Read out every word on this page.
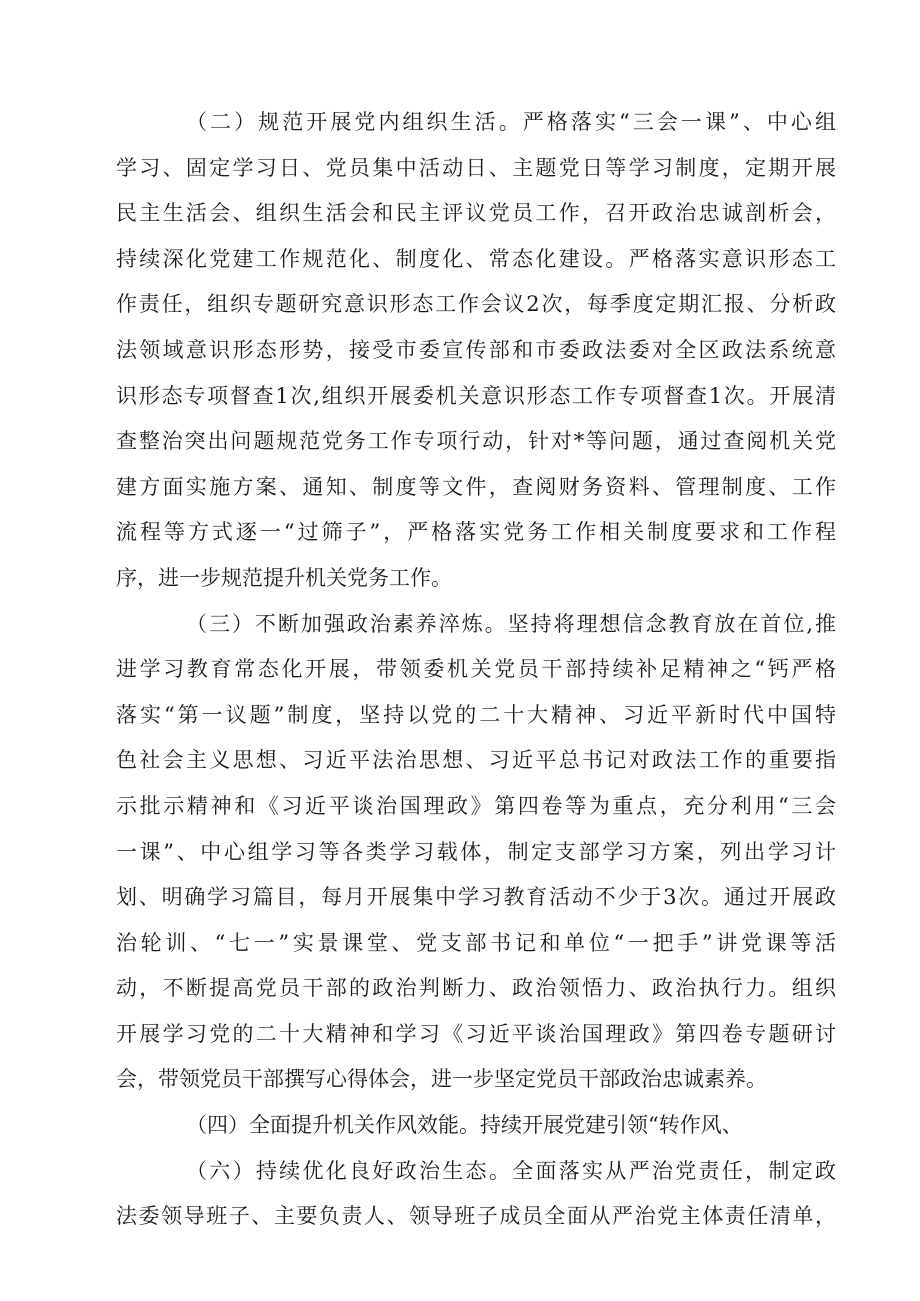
（二）规范开展党内组织生活。严格落实“三会一课”、中心组
学习、固定学习日、党员集中活动日、主题党日等学习制度，定期开展
民主生活会、组织生活会和民主评议党员工作，召开政治忠诚剖析会，
持续深化党建工作规范化、制度化、常态化建设。严格落实意识形态工
作责任，组织专题研究意识形态工作会议2次，每季度定期汇报、分析政
法领域意识形态形势，接受市委宣传部和市委政法委对全区政法系统意
识形态专项督查1次,组织开展委机关意识形态工作专项督查1次。开展清
查整治突出问题规范党务工作专项行动，针对*等问题，通过查阅机关党
建方面实施方案、通知、制度等文件，查阅财务资料、管理制度、工作
流程等方式逐一“过筛子”，严格落实党务工作相关制度要求和工作程
序，进一步规范提升机关党务工作。
（三）不断加强政治素养淬炼。坚持将理想信念教育放在首位,推
进学习教育常态化开展，带领委机关党员干部持续补足精神之“钙严格
落实“第一议题”制度，坚持以党的二十大精神、习近平新时代中国特
色社会主义思想、习近平法治思想、习近平总书记对政法工作的重要指
示批示精神和《习近平谈治国理政》第四卷等为重点，充分利用“三会
一课”、中心组学习等各类学习载体，制定支部学习方案，列出学习计
划、明确学习篇目，每月开展集中学习教育活动不少于3次。通过开展政
治轮训、“七一”实景课堂、党支部书记和单位“一把手”讲党课等活
动，不断提高党员干部的政治判断力、政治领悟力、政治执行力。组织
开展学习党的二十大精神和学习《习近平谈治国理政》第四卷专题研讨
会，带领党员干部撰写心得体会，进一步坚定党员干部政治忠诚素养。
（四）全面提升机关作风效能。持续开展党建引领“转作风、
（六）持续优化良好政治生态。全面落实从严治党责任，制定政
法委领导班子、主要负责人、领导班子成员全面从严治党主体责任清单，
